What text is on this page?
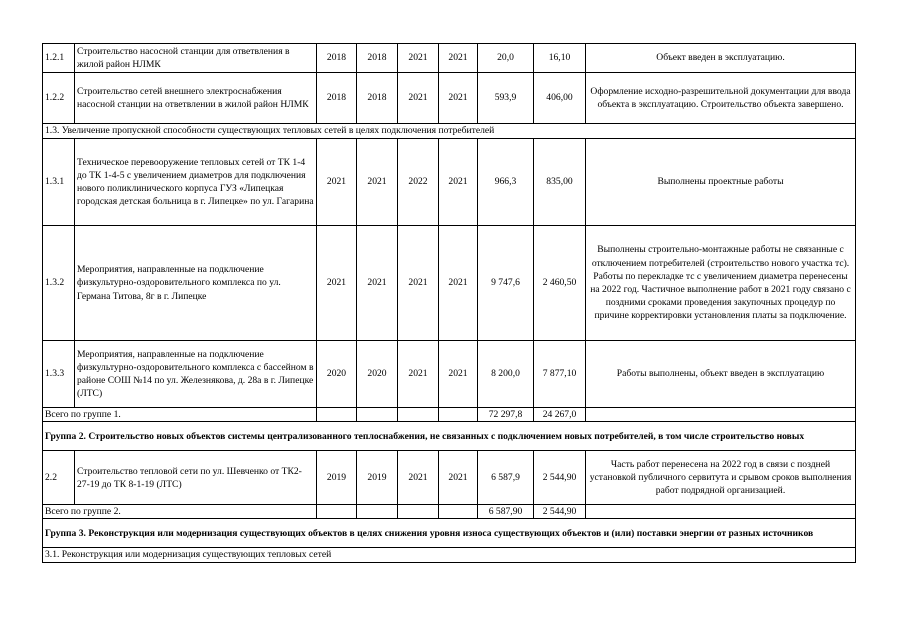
1.2.1	Строительство насосной станции для ответвления в жилой район НЛМК	2018	2018	2021	2021	20,0	16,10	Объект введен в эксплуатацию.
1.2.2	Строительство сетей внешнего электроснабжения насосной станции на ответвлении в жилой район НЛМК	2018	2018	2021	2021	593,9	406,00	Оформление исходно-разрешительной документации для ввода объекта в эксплуатацию. Строительство объекта завершено.
1.3. Увеличение пропускной способности существующих тепловых сетей в целях подключения потребителей								
1.3.1	Техническое перевооружение тепловых сетей от ТК 1-4 до ТК 1-4-5 с увеличением диаметров для подключения нового поликлинического корпуса ГУЗ «Липецкая городская детская больница в г. Липецке» по ул. Гагарина	2021	2021	2022	2021	966,3	835,00	Выполнены проектные работы
1.3.2	Мероприятия, направленные на подключение физкультурно-оздоровительного комплекса по ул. Германа Титова, 8г в г. Липецке	2021	2021	2021	2021	9 747,6	2 460,50	Выполнены строительно-монтажные работы не связанные с отключением потребителей (строительство нового участка тс). Работы по перекладке тс с увеличением диаметра перенесены на 2022 год. Частичное выполнение работ в 2021 году связано с поздними сроками проведения закупочных процедур по причине корректировки установления платы за подключение.
1.3.3	Мероприятия, направленные на подключение физкультурно-оздоровительного комплекса с бассейном в районе СОШ №14 по ул. Железнякова, д. 28а в г. Липецке (ЛТС)	2020	2020	2021	2021	8 200,0	7 877,10	Работы выполнены, объект введен в эксплуатацию
Всего по группе 1.						72 297,8	24 267,0	
Группа 2. Строительство новых объектов системы централизованного теплоснабжения, не связанных с подключением новых потребителей, в том числе строительство новых								
2.2	Строительство тепловой сети по ул. Шевченко от ТК2-27-19 до ТК 8-1-19 (ЛТС)	2019	2019	2021	2021	6 587,9	2 544,90	Часть работ перенесена на 2022 год в связи с поздней установкой публичного сервитута и срывом сроков выполнения работ подрядной организацией.
Всего по группе 2.						6 587,90	2 544,90	
Группа 3. Реконструкция или модернизация существующих объектов в целях снижения уровня износа существующих объектов и (или) поставки энергии от разных источников								
3.1. Реконструкция или модернизация существующих тепловых сетей								
